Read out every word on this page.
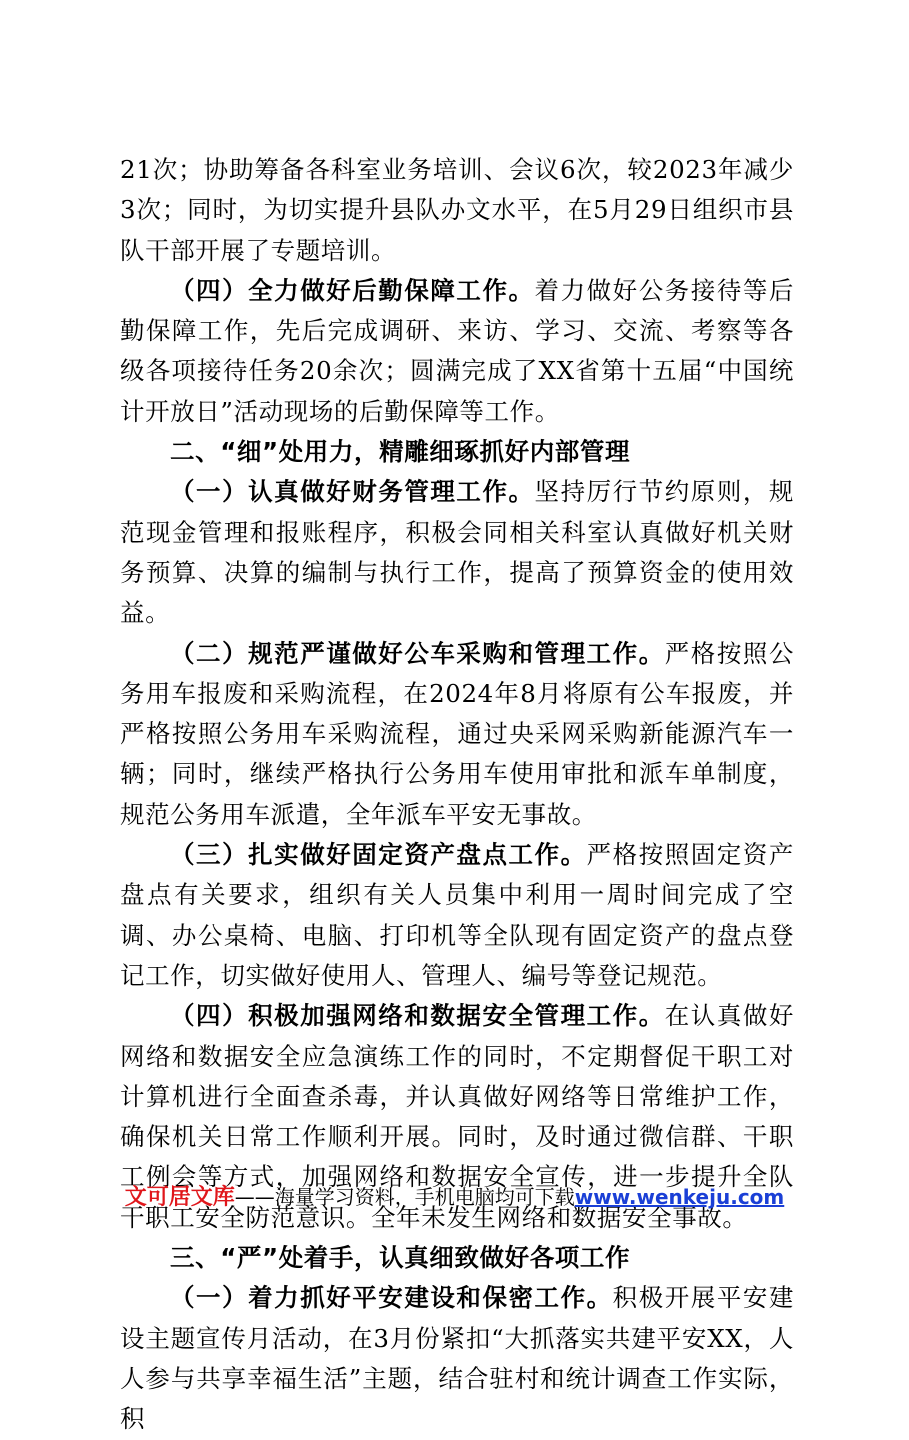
21次；协助筹备各科室业务培训、会议6次，较2023年减少3次；同时，为切实提升县队办文水平，在5月29日组织市县队干部开展了专题培训。

（四）全力做好后勤保障工作。着力做好公务接待等后勤保障工作，先后完成调研、来访、学习、交流、考察等各级各项接待任务20余次；圆满完成了XX省第十五届“中国统计开放日”活动现场的后勤保障等工作。

二、“细”处用力，精雕细琢抓好内部管理

（一）认真做好财务管理工作。坚持厉行节约原则，规范现金管理和报账程序，积极会同相关科室认真做好机关财务预算、决算的编制与执行工作，提高了预算资金的使用效益。

（二）规范严谨做好公车采购和管理工作。严格按照公务用车报废和采购流程，在2024年8月将原有公车报废，并严格按照公务用车采购流程，通过央采网采购新能源汽车一辆；同时，继续严格执行公务用车使用审批和派车单制度，规范公务用车派遣，全年派车平安无事故。

（三）扎实做好固定资产盘点工作。严格按照固定资产盘点有关要求，组织有关人员集中利用一周时间完成了空调、办公桌椅、电脑、打印机等全队现有固定资产的盘点登记工作，切实做好使用人、管理人、编号等登记规范。

（四）积极加强网络和数据安全管理工作。在认真做好网络和数据安全应急演练工作的同时，不定期督促干职工对计算机进行全面查杀毒，并认真做好网络等日常维护工作，确保机关日常工作顺利开展。同时，及时通过微信群、干职工例会等方式，加强网络和数据安全宣传，进一步提升全队干职工安全防范意识。全年未发生网络和数据安全事故。

三、“严”处着手，认真细致做好各项工作

（一）着力抓好平安建设和保密工作。积极开展平安建设主题宣传月活动，在3月份紧扣“大抓落实共建平安XX，人人参与共享幸福生活”主题，结合驻村和统计调查工作实际，积

文可居文库——海量学习资料，手机电脑均可下载www.wenkeju.com
